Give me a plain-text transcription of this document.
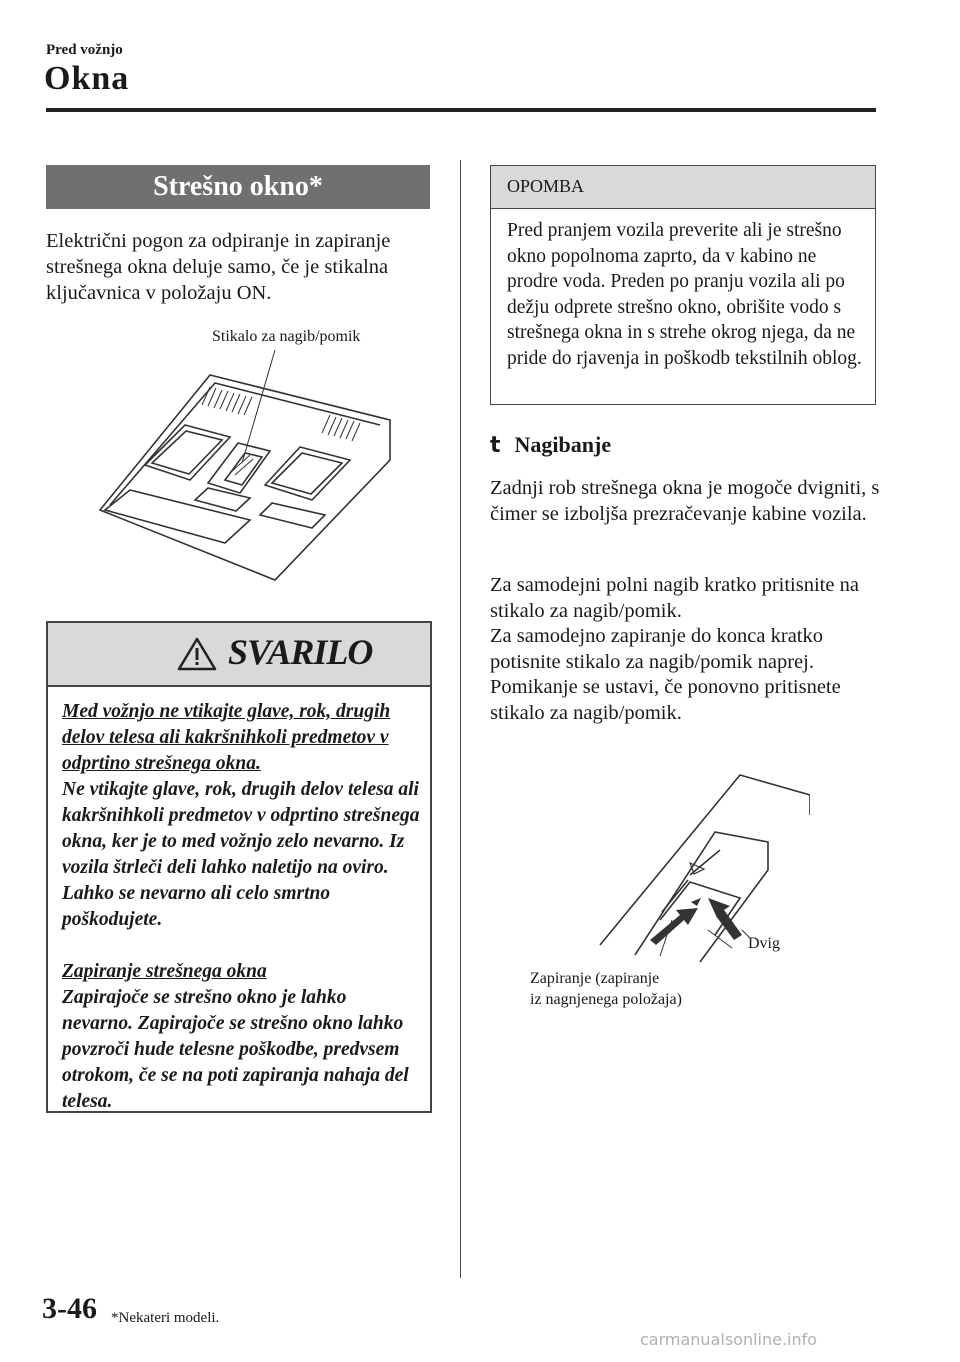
Pred vožnjo
Okna
Strešno okno*

Električni pogon za odpiranje in zapiranje strešnega okna deluje samo, če je stikalna ključavnica v položaju ON.

Stikalo za nagib/pomik
SVARILO

Med vožnjo ne vtikajte glave, rok, drugih delov telesa ali kakršnihkoli predmetov v odprtino strešnega okna.

Ne vtikajte glave, rok, drugih delov telesa ali kakršnihkoli predmetov v odprtino strešnega okna, ker je to med vožnjo zelo nevarno. Iz vozila štrleči deli lahko naletijo na oviro. Lahko se nevarno ali celo smrtno poškodujete.

Zapiranje strešnega okna

Zapirajoče se strešno okno je lahko nevarno. Zapirajoče se strešno okno lahko povzroči hude telesne poškodbe, predvsem otrokom, če se na poti zapiranja nahaja del telesa.

OPOMBA

Pred pranjem vozila preverite ali je strešno okno popolnoma zaprto, da v kabino ne prodre voda. Preden po pranju vozila ali po dežju odprete strešno okno, obrišite vodo s strešnega okna in s strehe okrog njega, da ne pride do rjavenja in poškodb tekstilnih oblog.

t Nagibanje

Zadnji rob strešnega okna je mogoče dvigniti, s čimer se izboljša prezračevanje kabine vozila.

Za samodejni polni nagib kratko pritisnite na stikalo za nagib/pomik.
Za samodejno zapiranje do konca kratko potisnite stikalo za nagib/pomik naprej. Pomikanje se ustavi, če ponovno pritisnete stikalo za nagib/pomik.

Dvig
Zapiranje (zapiranje
iz nagnjenega položaja)
3-46 *Nekateri modeli.
carmanualsonline.info
